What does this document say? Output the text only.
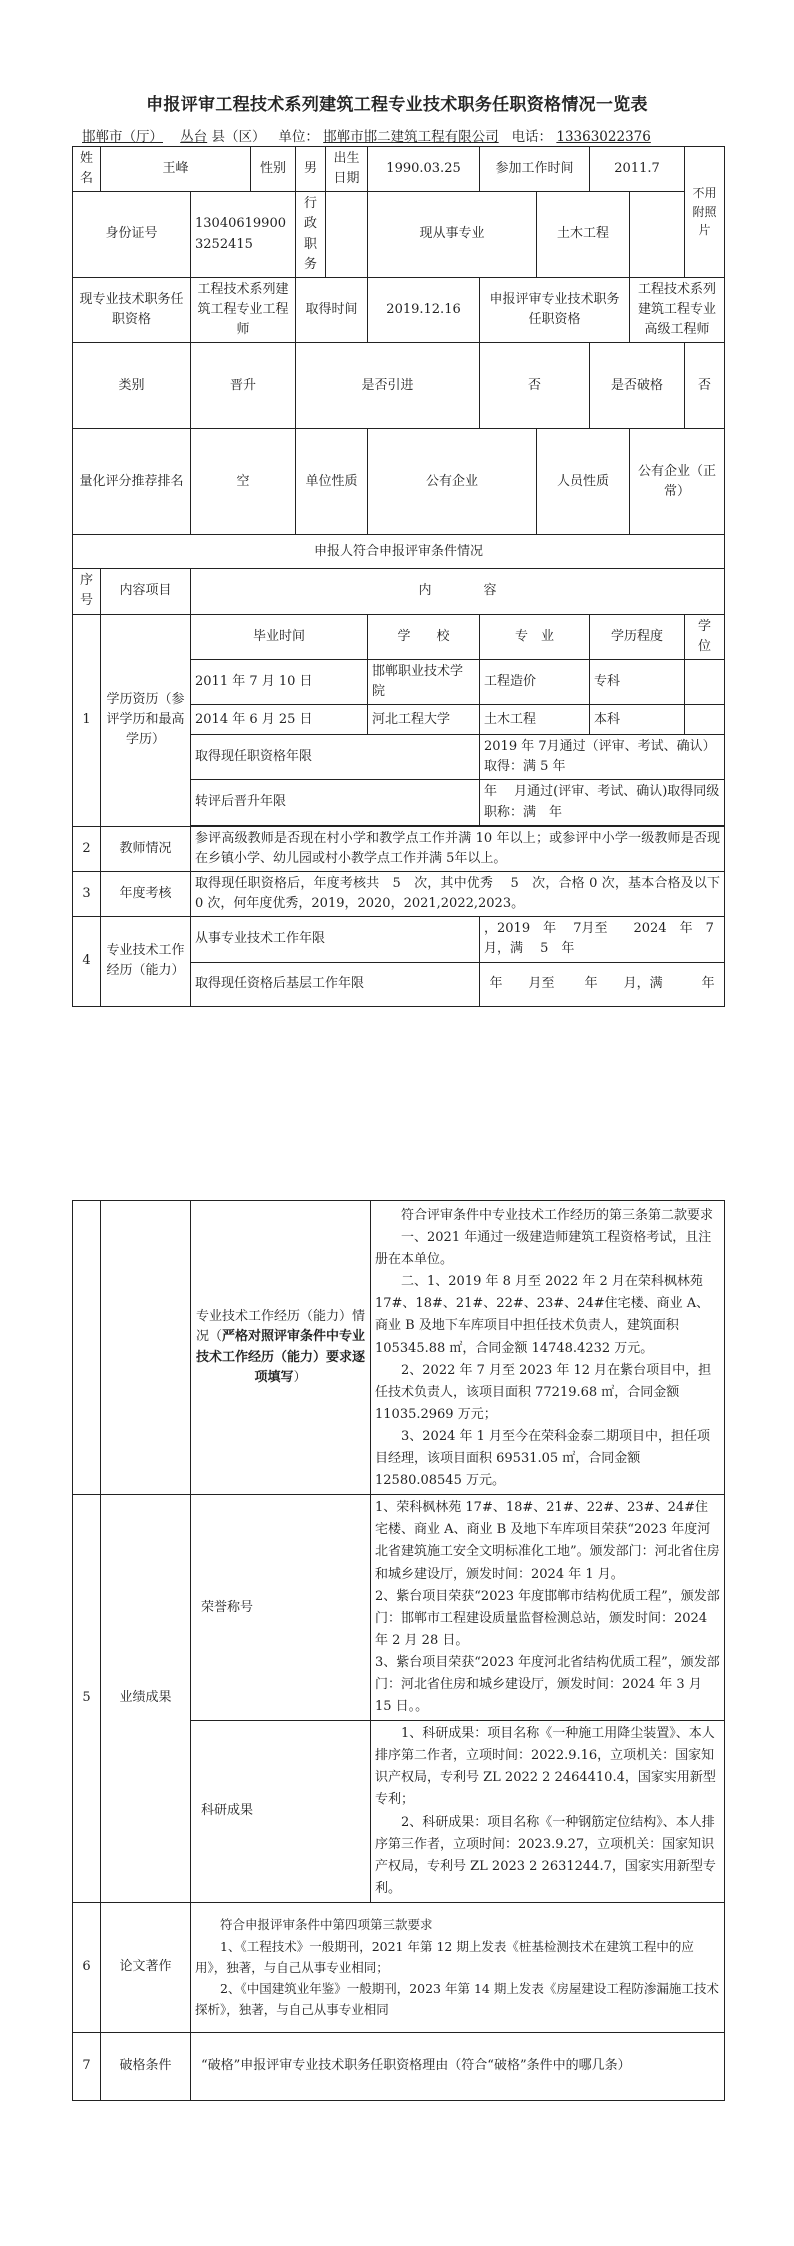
申报评审工程技术系列建筑工程专业技术职务任职资格情况一览表
邯郸市（厅） 丛台 县（区） 单位： 邯郸市邯二建筑工程有限公司 电话： 13363022376
姓名	王峰		性别	男	出生日期	1990.03.25	参加工作时间		2011.7		不用附照片
身份证号		130406199003252415		行政职务		现从事专业		土木工程			
现专业技术职务任职资格		工程技术系列建筑工程专业工程师		取得时间		2019.12.16	申报评审专业技术职务任职资格			工程技术系列建筑工程专业高级工程师	
类别		晋升		是否引进			否		是否破格		否
量化评分推荐排名		空		单位性质		公有企业		人员性质		公有企业（正常）	
申报人符合申报评审条件情况											
序号	内容项目	内　　　　容									
1	学历资历（参评学历和最高学历）	毕业时间				学　　校	专　业		学历程度		学　位
		2011 年 7 月 10 日				邯郸职业技术学院	工程造价		专科		
		2014 年 6 月 25 日				河北工程大学	土木工程		本科		
		取得现任职资格年限					2019 年 7月通过（评审、考试、确认）取得：满 5 年				
		转评后晋升年限					年　 月通过(评审、考试、确认)取得同级职称：满　年				

2	教师情况	参评高级教师是否现在村小学和教学点工作并满 10 年以上；或参评中小学一级教师是否现在乡镇小学、幼儿园或村小教学点工作并满 5年以上。									
3	年度考核	取得现任职资格后，年度考核共　5　次，其中优秀　 5　次，合格 0 次，基本合格及以下 0 次，何年度优秀，2019，2020，2021,2022,2023。									
4	专业技术工作经历（能力）	从事专业技术工作年限					，2019　年　 7月至　　2024　年　7　月，满　 5　年				
		取得现任资格后基层工作年限					年　　月至　　 年　　月，满　　　年				
		专业技术工作经历（能力）情况（严格对照评审条件中专业技术工作经历（能力）要求逐项填写）	符合评审条件中专业技术工作经历的第三条第二款要求
一、2021 年通过一级建造师建筑工程资格考试，且注册在本单位。
二、1、2019 年 8 月至 2022 年 2 月在荣科枫林苑 17#、18#、21#、22#、23#、24#住宅楼、商业 A、商业 B 及地下车库项目中担任技术负责人，建筑面积 105345.88 ㎡，合同金额 14748.4232 万元。
2、2022 年 7 月至 2023 年 12 月在紫台项目中，担任技术负责人，该项目面积 77219.68 ㎡，合同金额 11035.2969 万元；
3、2024 年 1 月至今在荣科金泰二期项目中，担任项目经理，该项目面积 69531.05 ㎡，合同金额 12580.08545 万元。

5	业绩成果	荣誉称号	1、荣科枫林苑 17#、18#、21#、22#、23#、24#住宅楼、商业 A、商业 B 及地下车库项目荣获“2023 年度河北省建筑施工安全文明标准化工地”。颁发部门：河北省住房和城乡建设厅，颁发时间：2024 年 1 月。
2、紫台项目荣获“2023 年度邯郸市结构优质工程”，颁发部门：邯郸市工程建设质量监督检测总站，颁发时间：2024 年 2 月 28 日。
3、紫台项目荣获“2023 年度河北省结构优质工程”，颁发部门：河北省住房和城乡建设厅，颁发时间：2024 年 3 月 15 日。。

		科研成果	1、科研成果：项目名称《一种施工用降尘装置》、本人排序第二作者，立项时间：2022.9.16，立项机关：国家知识产权局，专利号 ZL 2022 2 2464410.4，国家实用新型专利；
2、科研成果：项目名称《一种钢筋定位结构》、本人排序第三作者，立项时间：2023.9.27，立项机关：国家知识产权局，专利号 ZL 2023 2 2631244.7，国家实用新型专利。

6	论文著作	符合申报评审条件中第四项第三款要求
1、《工程技术》一般期刊，2021 年第 12 期上发表《桩基检测技术在建筑工程中的应用》，独著，与自己从事专业相同；
2、《中国建筑业年鉴》一般期刊，2023 年第 14 期上发表《房屋建设工程防渗漏施工技术探析》，独著，与自己从事专业相同	

7	破格条件	“破格”申报评审专业技术职务任职资格理由（符合“破格”条件中的哪几条）	
